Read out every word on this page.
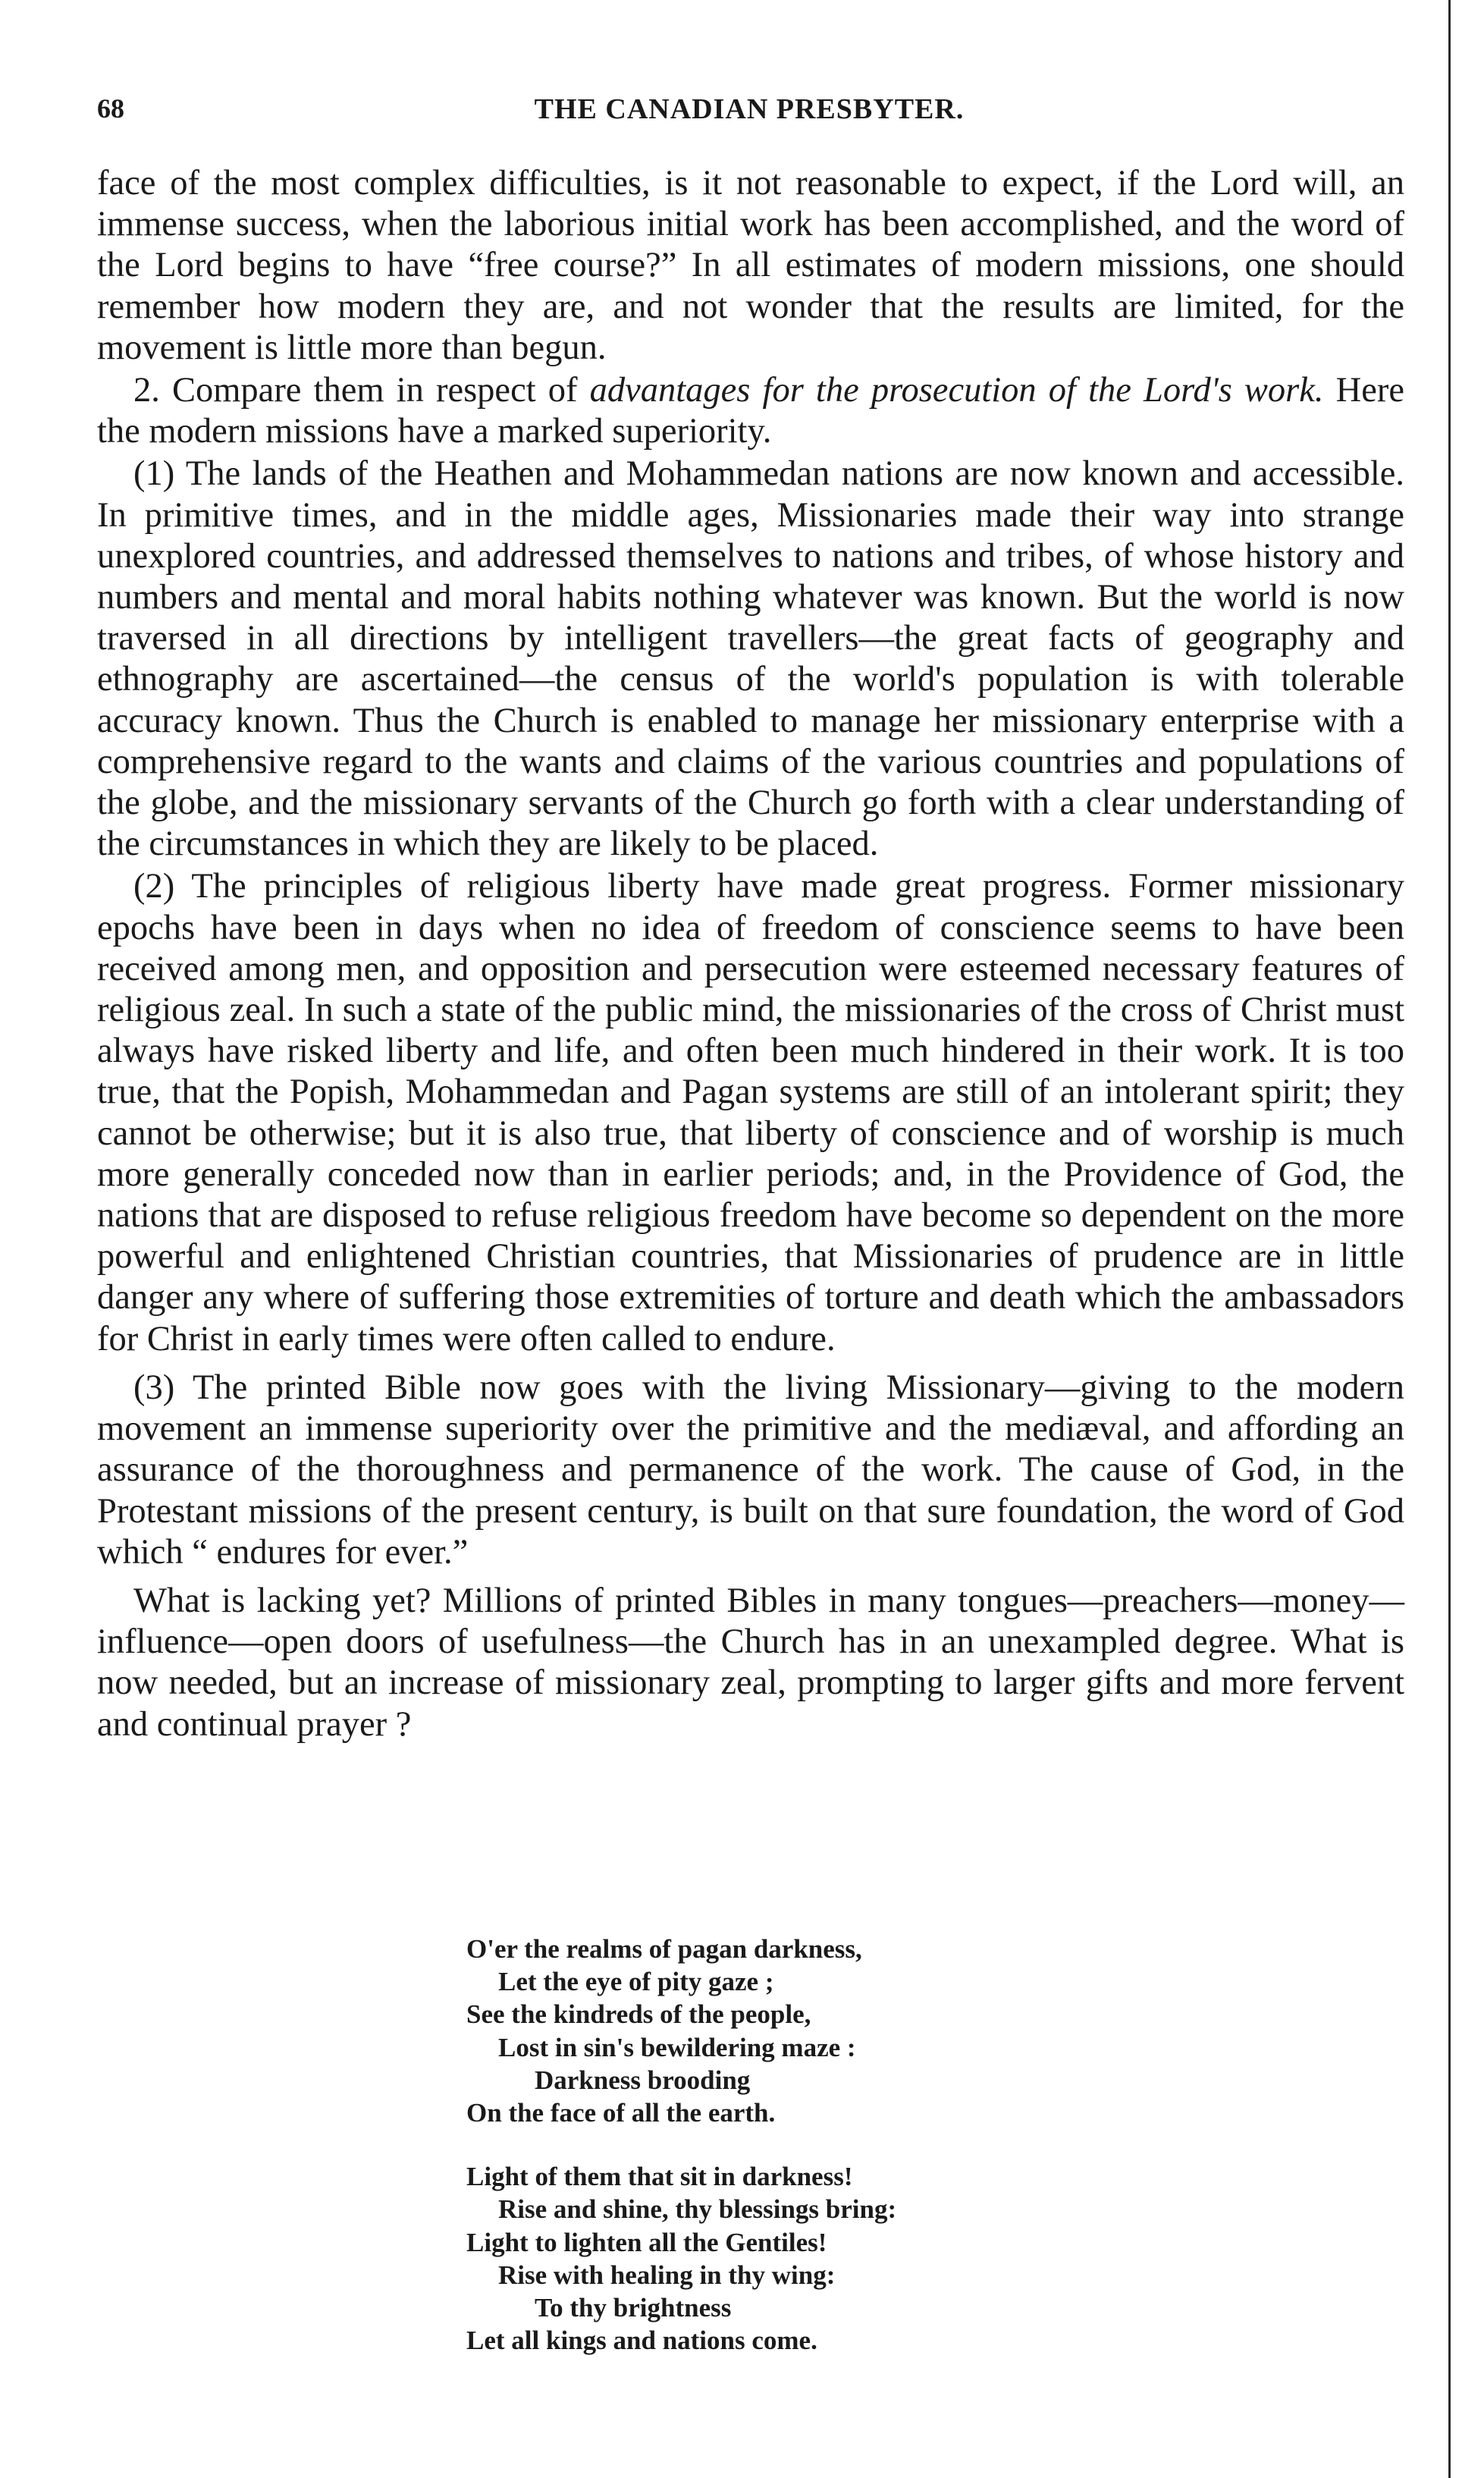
68	THE CANADIAN PRESBYTER.

face of the most complex difficulties, is it not reasonable to expect, if the Lord will, an immense success, when the laborious initial work has been accomplished, and the word of the Lord begins to have “free course?” In all estimates of modern missions, one should remember how modern they are, and not wonder that the results are limited, for the movement is little more than begun.

2. Compare them in respect of advantages for the prosecution of the Lord's work. Here the modern missions have a marked superiority.

(1) The lands of the Heathen and Mohammedan nations are now known and accessible. In primitive times, and in the middle ages, Missionaries made their way into strange unexplored countries, and addressed themselves to nations and tribes, of whose history and numbers and mental and moral habits nothing whatever was known. But the world is now traversed in all directions by intelligent travellers—the great facts of geography and ethnography are ascertained—the census of the world's population is with tolerable accuracy known. Thus the Church is enabled to manage her missionary enterprise with a comprehensive regard to the wants and claims of the various countries and populations of the globe, and the missionary servants of the Church go forth with a clear understanding of the circumstances in which they are likely to be placed.

(2) The principles of religious liberty have made great progress. Former missionary epochs have been in days when no idea of freedom of conscience seems to have been received among men, and opposition and persecution were esteemed necessary features of religious zeal. In such a state of the public mind, the missionaries of the cross of Christ must always have risked liberty and life, and often been much hindered in their work. It is too true, that the Popish, Mohammedan and Pagan systems are still of an intolerant spirit; they cannot be otherwise; but it is also true, that liberty of conscience and of worship is much more generally conceded now than in earlier periods; and, in the Providence of God, the nations that are disposed to refuse religious freedom have become so dependent on the more powerful and enlightened Christian countries, that Missionaries of prudence are in little danger any where of suffering those extremities of torture and death which the ambassadors for Christ in early times were often called to endure.

(3) The printed Bible now goes with the living Missionary—giving to the modern movement an immense superiority over the primitive and the mediæval, and affording an assurance of the thoroughness and permanence of the work. The cause of God, in the Protestant missions of the present century, is built on that sure foundation, the word of God which “ endures for ever.”

What is lacking yet? Millions of printed Bibles in many tongues—preachers—money—influence—open doors of usefulness—the Church has in an unexampled degree. What is now needed, but an increase of missionary zeal, prompting to larger gifts and more fervent and continual prayer ?

O'er the realms of pagan darkness,
Let the eye of pity gaze ;
See the kindreds of the people,
Lost in sin's bewildering maze :
Darkness brooding
On the face of all the earth.
Light of them that sit in darkness!
Rise and shine, thy blessings bring:
Light to lighten all the Gentiles!
Rise with healing in thy wing:
To thy brightness
Let all kings and nations come.
